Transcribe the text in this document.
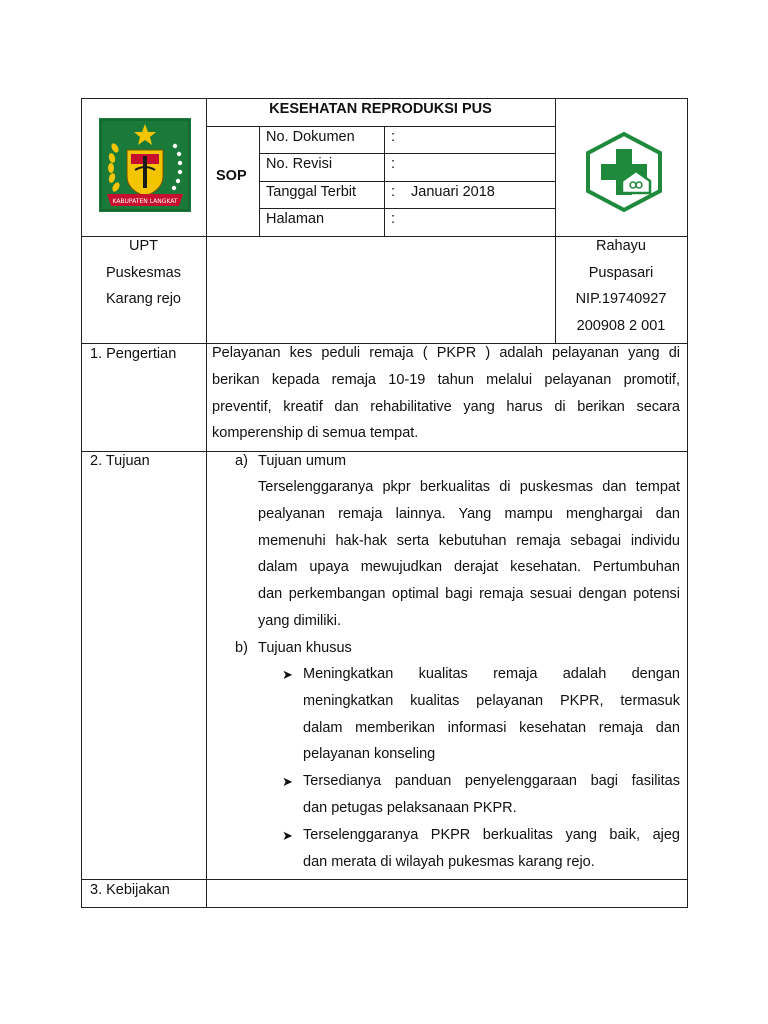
KABUPATEN LANGKAT
KESEHATAN REPRODUKSI PUS
SOP
No. Dokumen	:
No. Revisi	:
Tanggal Terbit : Januari 2018
Halaman	:
UPT
Puskesmas
Karang rejo
Rahayu
Puspasari
NIP.19740927
200908 2 001
1. Pengertian Pelayanan kes peduli remaja ( PKPR ) adalah pelayanan yang di
berikan kepada remaja 10-19 tahun melalui pelayanan promotif,
preventif, kreatif dan rehabilitative yang harus di berikan secara
komperenship di semua tempat.
2. Tujuan	a) Tujuan umum
Terselenggaranya pkpr berkualitas di puskesmas dan tempat
pealyanan remaja lainnya. Yang mampu menghargai dan
memenuhi hak-hak serta kebutuhan remaja sebagai individu
dalam upaya mewujudkan derajat kesehatan. Pertumbuhan
dan perkembangan optimal bagi remaja sesuai dengan potensi
yang dimiliki.
b) Tujuan khusus
➤ Meningkatkan kualitas remaja adalah dengan
meningkatkan kualitas pelayanan PKPR, termasuk
dalam memberikan informasi kesehatan remaja dan
pelayanan konseling
➤ Tersedianya panduan penyelenggaraan bagi fasilitas
dan petugas pelaksanaan PKPR.
➤ Terselenggaranya PKPR berkualitas yang baik, ajeg
dan merata di wilayah pukesmas karang rejo.
3. Kebijakan
